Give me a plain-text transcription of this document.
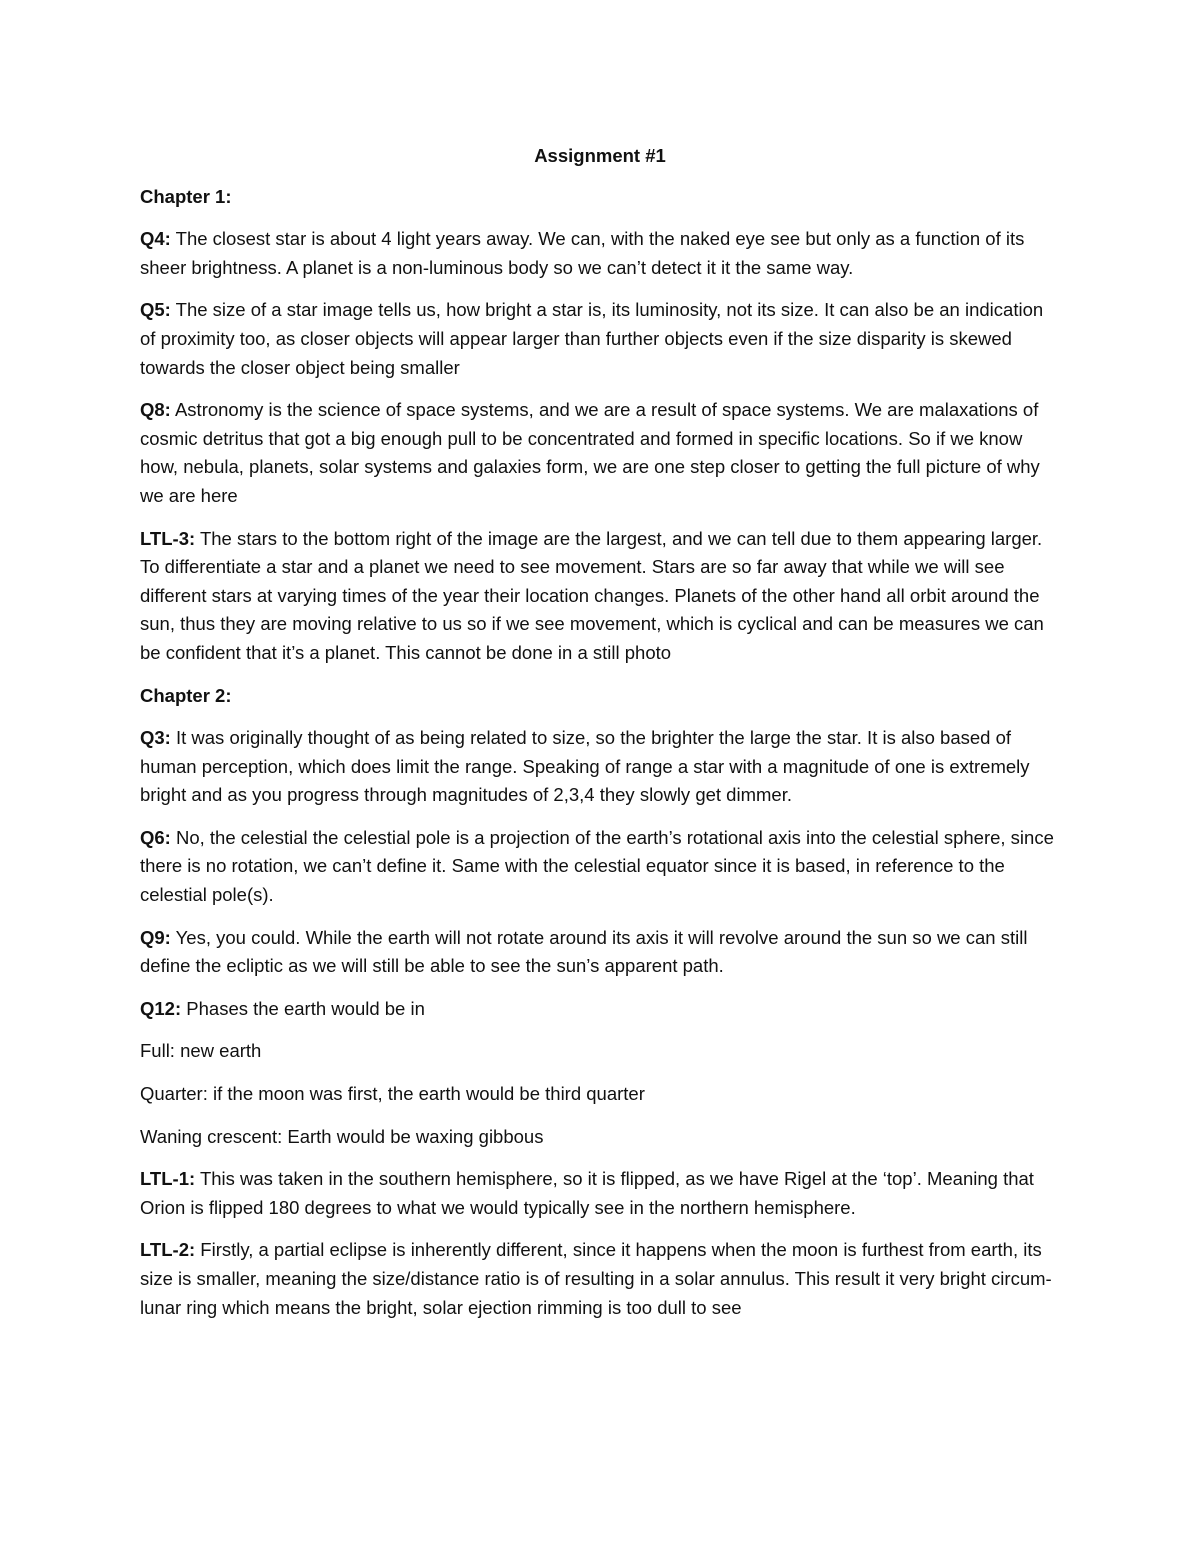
Assignment #1
Chapter 1:

Q4: The closest star is about 4 light years away. We can, with the naked eye see but only as a function of its sheer brightness. A planet is a non-luminous body so we can’t detect it it the same way.

Q5: The size of a star image tells us, how bright a star is, its luminosity, not its size. It can also be an indication of proximity too, as closer objects will appear larger than further objects even if the size disparity is skewed towards the closer object being smaller

Q8: Astronomy is the science of space systems, and we are a result of space systems. We are malaxations of cosmic detritus that got a big enough pull to be concentrated and formed in specific locations. So if we know how, nebula, planets, solar systems and galaxies form, we are one step closer to getting the full picture of why we are here

LTL-3: The stars to the bottom right of the image are the largest, and we can tell due to them appearing larger. To differentiate a star and a planet we need to see movement. Stars are so far away that while we will see different stars at varying times of the year their location changes. Planets of the other hand all orbit around the sun, thus they are moving relative to us so if we see movement, which is cyclical and can be measures we can be confident that it’s a planet. This cannot be done in a still photo

Chapter 2:

Q3: It was originally thought of as being related to size, so the brighter the large the star. It is also based of human perception, which does limit the range. Speaking of range a star with a magnitude of one is extremely bright and as you progress through magnitudes of 2,3,4 they slowly get dimmer.

Q6: No, the celestial the celestial pole is a projection of the earth’s rotational axis into the celestial sphere, since there is no rotation, we can’t define it. Same with the celestial equator since it is based, in reference to the celestial pole(s).

Q9: Yes, you could. While the earth will not rotate around its axis it will revolve around the sun so we can still define the ecliptic as we will still be able to see the sun’s apparent path.

Q12: Phases the earth would be in

Full: new earth

Quarter: if the moon was first, the earth would be third quarter

Waning crescent: Earth would be waxing gibbous

LTL-1: This was taken in the southern hemisphere, so it is flipped, as we have Rigel at the ‘top’. Meaning that Orion is flipped 180 degrees to what we would typically see in the northern hemisphere.

LTL-2: Firstly, a partial eclipse is inherently different, since it happens when the moon is furthest from earth, its size is smaller, meaning the size/distance ratio is of resulting in a solar annulus. This result it very bright circum-lunar ring which means the bright, solar ejection rimming is too dull to see
